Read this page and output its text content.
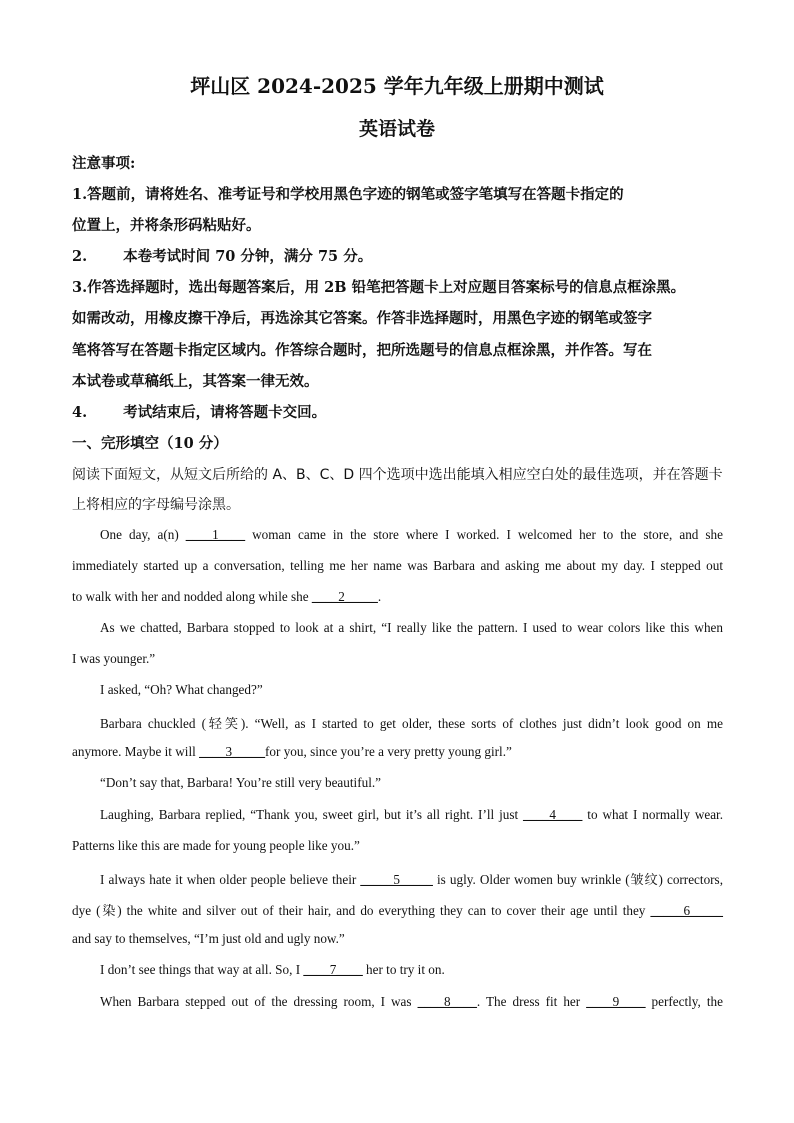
坪山区 2024-2025 学年九年级上册期中测试
英语试卷
注意事项:
1.答题前，请将姓名、准考证号和学校用黑色字迹的钢笔或签字笔填写在答题卡指定的
位置上，并将条形码粘贴好。
2. 本卷考试时间 70 分钟，满分 75 分。
3.作答选择题时，选出每题答案后，用 2B 铅笔把答题卡上对应题目答案标号的信息点框涂黑。
如需改动，用橡皮擦干净后，再选涂其它答案。作答非选择题时，用黑色字迹的钢笔或签字
笔将答写在答题卡指定区域内。作答综合题时，把所选题号的信息点框涂黑，并作答。写在
本试卷或草稿纸上，其答案一律无效。
4. 考试结束后，请将答题卡交回。
一、完形填空（10 分）
阅读下面短文，从短文后所给的 A、B、C、D 四个选项中选出能填入相应空白处的最佳选项，并在答题卡
上将相应的字母编号涂黑。
One day, a(n) ____1____ woman came in the store where I worked. I welcomed her to the store, and she
immediately started up a conversation, telling me her name was Barbara and asking me about my day. I stepped out
to walk with her and nodded along while she ____2_____.
As we chatted, Barbara stopped to look at a shirt, “I really like the pattern. I used to wear colors like this when
I was younger.”
I asked, “Oh? What changed?”
Barbara chuckled (轻笑). “Well, as I started to get older, these sorts of clothes just didn’t look good on me
anymore. Maybe it will ____3_____for you, since you’re a very pretty young girl.”
“Don’t say that, Barbara! You’re still very beautiful.”
Laughing, Barbara replied, “Thank you, sweet girl, but it’s all right. I’ll just ____4____ to what I normally wear.
Patterns like this are made for young people like you.”
I always hate it when older people believe their _____5_____ is ugly. Older women buy wrinkle (皱纹) correctors,
dye (染) the white and silver out of their hair, and do everything they can to cover their age until they _____6_____
and say to themselves, “I’m just old and ugly now.”
I don’t see things that way at all. So, I ____7____ her to try it on.
When Barbara stepped out of the dressing room, I was ____8____. The dress fit her ____9____ perfectly, the
